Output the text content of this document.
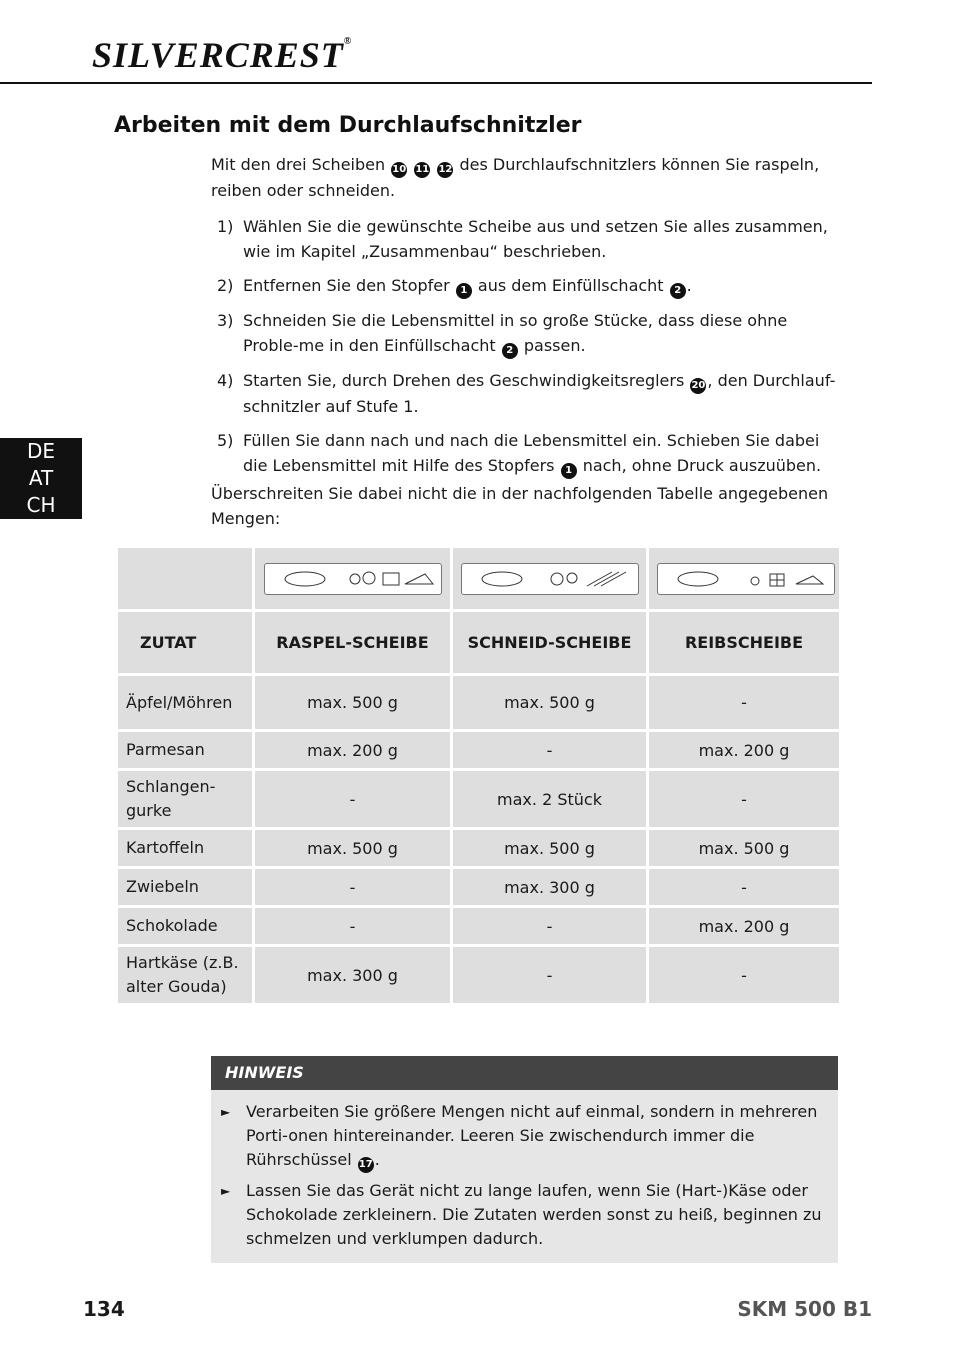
SILVERCREST®
Arbeiten mit dem Durchlaufschnitzler

Mit den drei Scheiben 10 11 12 des Durchlaufschnitzlers können Sie raspeln, reiben oder schneiden.

1) Wählen Sie die gewünschte Scheibe aus und setzen Sie alles zusammen, wie im Kapitel „Zusammenbau“ beschrieben.
2) Entfernen Sie den Stopfer 1 aus dem Einfüllschacht 2 .
3) Schneiden Sie die Lebensmittel in so große Stücke, dass diese ohne Proble-me in den Einfüllschacht 2 passen.
4) Starten Sie, durch Drehen des Geschwindigkeitsreglers 20 , den Durchlauf-schnitzler auf Stufe 1.
5) Füllen Sie dann nach und nach die Lebensmittel ein. Schieben Sie dabei die Lebensmittel mit Hilfe des Stopfers 1 nach, ohne Druck auszuüben.

Überschreiten Sie dabei nicht die in der nachfolgenden Tabelle angegebenen Mengen:

DE
AT
CH

ZUTAT	RASPEL-SCHEIBE	SCHNEID-SCHEIBE	REIBSCHEIBE
Äpfel/Möhren	max. 500 g	max. 500 g	-
Parmesan	max. 200 g	-	max. 200 g
Schlangen-gurke	-	max. 2 Stück	-
Kartoffeln	max. 500 g	max. 500 g	max. 500 g
Zwiebeln	-	max. 300 g	-
Schokolade	-	-	max. 200 g
Hartkäse (z.B. alter Gouda)	max. 300 g	-	-
HINWEIS
► Verarbeiten Sie größere Mengen nicht auf einmal, sondern in mehreren Porti-onen hintereinander. Leeren Sie zwischendurch immer die Rührschüssel 17 .
► Lassen Sie das Gerät nicht zu lange laufen, wenn Sie (Hart-)Käse oder Schokolade zerkleinern. Die Zutaten werden sonst zu heiß, beginnen zu schmelzen und verklumpen dadurch.
134	SKM 500 B1
